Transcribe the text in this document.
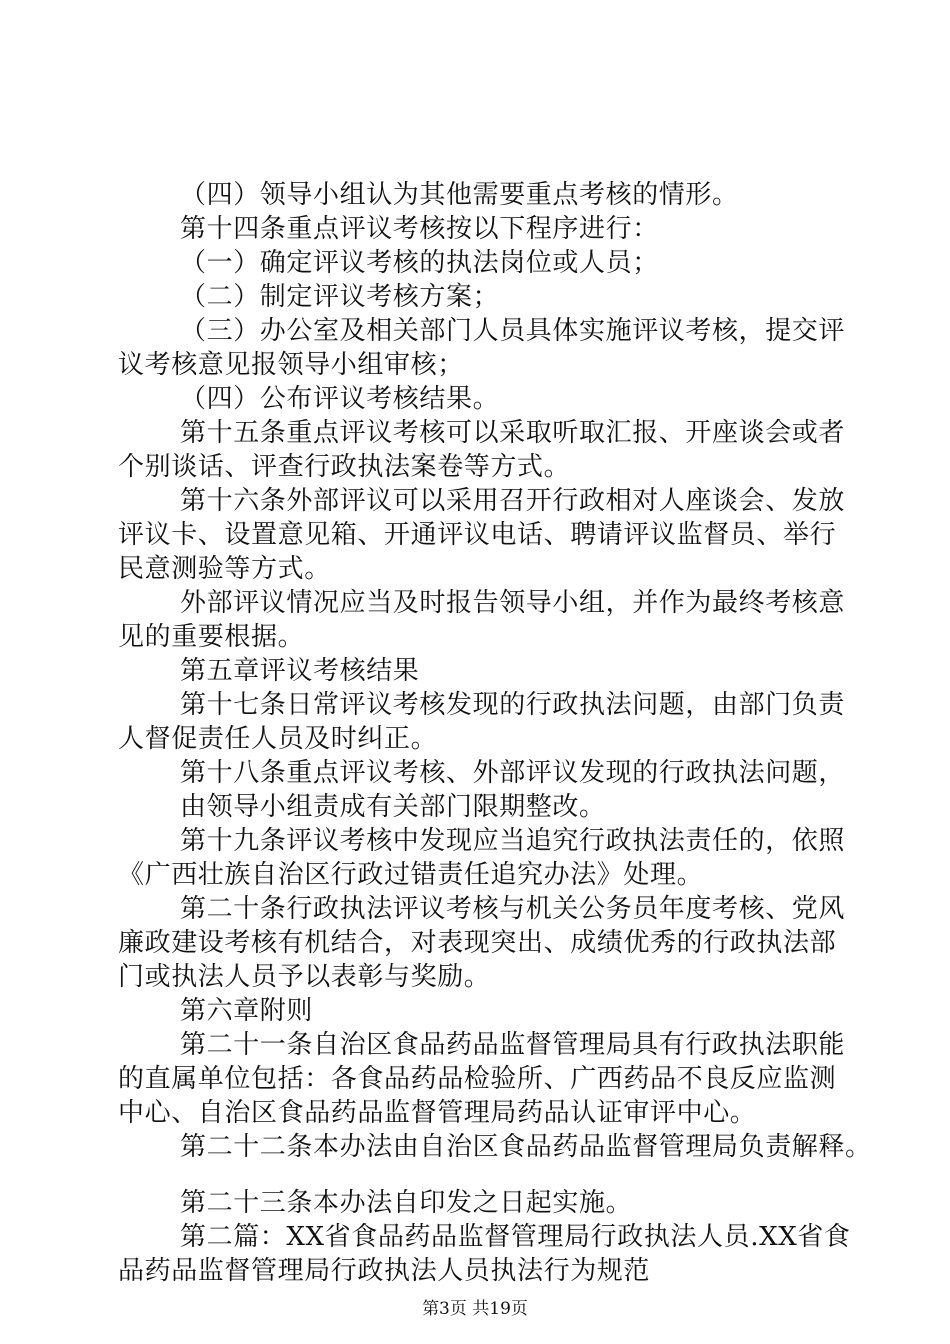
（四）领导小组认为其他需要重点考核的情形。
第十四条重点评议考核按以下程序进行：
（一）确定评议考核的执法岗位或人员；
（二）制定评议考核方案；
（三）办公室及相关部门人员具体实施评议考核，提交评
议考核意见报领导小组审核；
（四）公布评议考核结果。
第十五条重点评议考核可以采取听取汇报、开座谈会或者
个别谈话、评查行政执法案卷等方式。
第十六条外部评议可以采用召开行政相对人座谈会、发放
评议卡、设置意见箱、开通评议电话、聘请评议监督员、举行
民意测验等方式。
外部评议情况应当及时报告领导小组，并作为最终考核意
见的重要根据。
第五章评议考核结果
第十七条日常评议考核发现的行政执法问题，由部门负责
人督促责任人员及时纠正。
第十八条重点评议考核、外部评议发现的行政执法问题，
由领导小组责成有关部门限期整改。
第十九条评议考核中发现应当追究行政执法责任的，依照
《广西壮族自治区行政过错责任追究办法》处理。
第二十条行政执法评议考核与机关公务员年度考核、党风
廉政建设考核有机结合，对表现突出、成绩优秀的行政执法部
门或执法人员予以表彰与奖励。
第六章附则
第二十一条自治区食品药品监督管理局具有行政执法职能
的直属单位包括：各食品药品检验所、广西药品不良反应监测
中心、自治区食品药品监督管理局药品认证审评中心。
第二十二条本办法由自治区食品药品监督管理局负责解释。
第二十三条本办法自印发之日起实施。
第二篇：XX省食品药品监督管理局行政执法人员.XX省食
品药品监督管理局行政执法人员执法行为规范
第3页 共19页
